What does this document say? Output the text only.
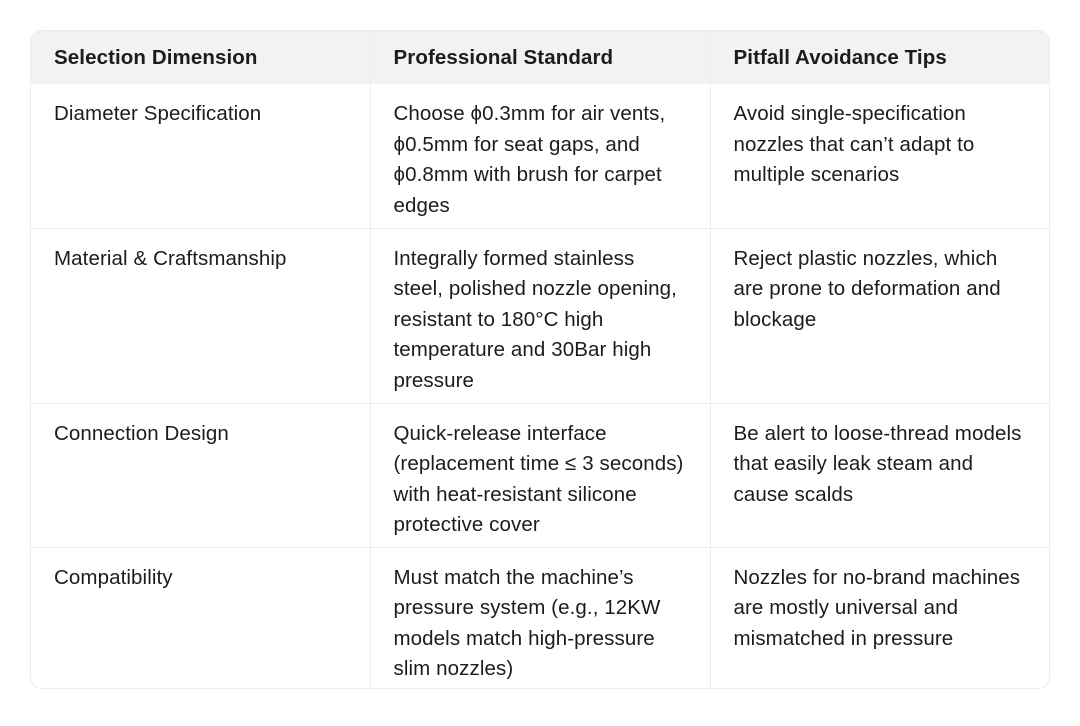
Selection Dimension	Professional Standard	Pitfall Avoidance Tips
Diameter Specification	Choose ϕ0.3mm for air vents, ϕ0.5mm for seat gaps, and ϕ0.8mm with brush for carpet edges	Avoid single-specification nozzles that can’t adapt to multiple scenarios
Material & Craftsmanship	Integrally formed stainless steel, polished nozzle opening, resistant to 180°C high temperature and 30Bar high pressure	Reject plastic nozzles, which are prone to deformation and blockage
Connection Design	Quick-release interface (replacement time ≤ 3 seconds) with heat-resistant silicone protective cover	Be alert to loose-thread models that easily leak steam and cause scalds
Compatibility	Must match the machine’s pressure system (e.g., 12KW models match high-pressure slim nozzles)	Nozzles for no-brand machines are mostly universal and mismatched in pressure
